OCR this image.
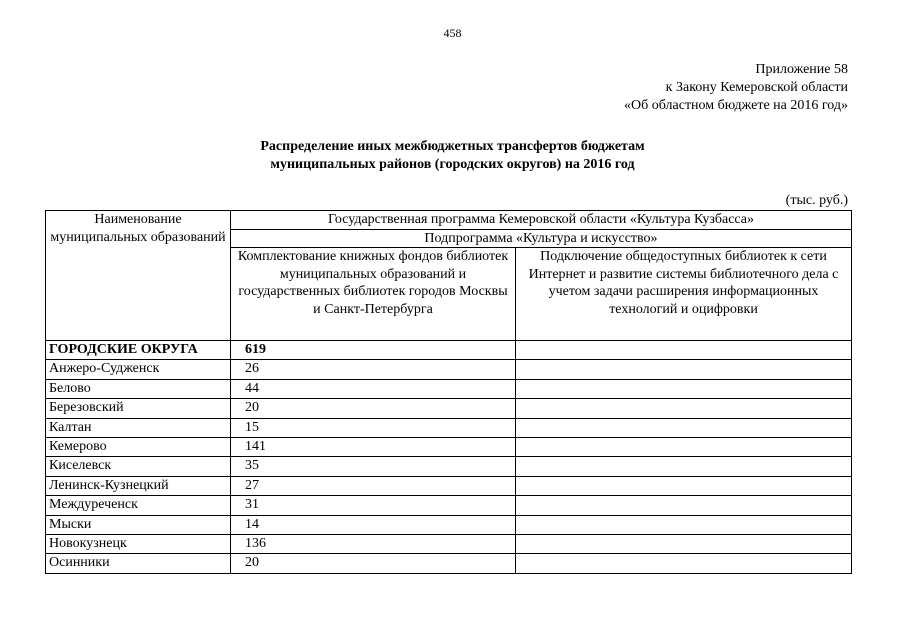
458
Приложение 58
к Закону Кемеровской области
«Об областном бюджете на 2016 год»
Распределение иных межбюджетных трансфертов бюджетам
муниципальных районов (городских округов) на 2016 год
(тыс. руб.)
Наименование муниципальных образований	Государственная программа Кемеровской области «Культура Кузбасса»	
	Подпрограмма «Культура и искусство»	
	Комплектование книжных фондов библиотек муниципальных образований и государственных библиотек городов Москвы и Санкт-Петербурга	Подключение общедоступных библиотек к сети Интернет и развитие системы библиотечного дела с учетом задачи расширения информационных технологий и оцифровки
ГОРОДСКИЕ ОКРУГА	619	
Анжеро-Судженск	26	
Белово	44	
Березовский	20	
Калтан	15	
Кемерово	141	
Киселевск	35	
Ленинск-Кузнецкий	27	
Междуреченск	31	
Мыски	14	
Новокузнецк	136	
Осинники	20	
